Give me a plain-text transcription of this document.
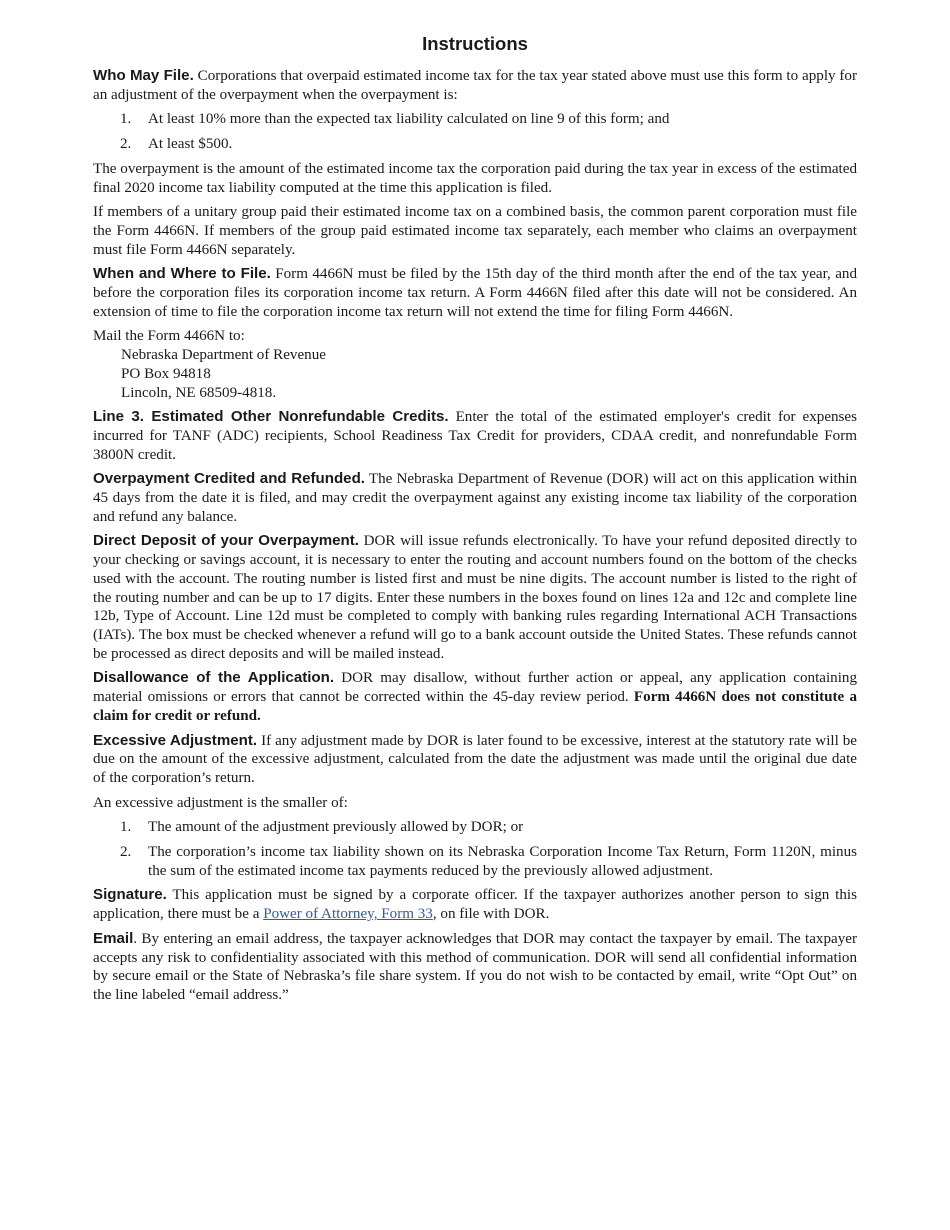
Instructions

Who May File. Corporations that overpaid estimated income tax for the tax year stated above must use this form to apply for an adjustment of the overpayment when the overpayment is:

1.	At least 10% more than the expected tax liability calculated on line 9 of this form; and
2.	At least $500.

The overpayment is the amount of the estimated income tax the corporation paid during the tax year in excess of the estimated final 2020 income tax liability computed at the time this application is filed.

If members of a unitary group paid their estimated income tax on a combined basis, the common parent corporation must file the Form 4466N. If members of the group paid estimated income tax separately, each member who claims an overpayment must file Form 4466N separately.

When and Where to File. Form 4466N must be filed by the 15th day of the third month after the end of the tax year, and before the corporation files its corporation income tax return. A Form 4466N filed after this date will not be considered. An extension of time to file the corporation income tax return will not extend the time for filing Form 4466N.

Mail the Form 4466N to:
Nebraska Department of Revenue
PO Box 94818
Lincoln, NE 68509-4818.

Line 3. Estimated Other Nonrefundable Credits. Enter the total of the estimated employer's credit for expenses incurred for TANF (ADC) recipients, School Readiness Tax Credit for providers, CDAA credit, and nonrefundable Form 3800N credit.

Overpayment Credited and Refunded. The Nebraska Department of Revenue (DOR) will act on this application within 45 days from the date it is filed, and may credit the overpayment against any existing income tax liability of the corporation and refund any balance.

Direct Deposit of your Overpayment. DOR will issue refunds electronically. To have your refund deposited directly to your checking or savings account, it is necessary to enter the routing and account numbers found on the bottom of the checks used with the account. The routing number is listed first and must be nine digits. The account number is listed to the right of the routing number and can be up to 17 digits. Enter these numbers in the boxes found on lines 12a and 12c and complete line 12b, Type of Account. Line 12d must be completed to comply with banking rules regarding International ACH Transactions (IATs). The box must be checked whenever a refund will go to a bank account outside the United States. These refunds cannot be processed as direct deposits and will be mailed instead.

Disallowance of the Application. DOR may disallow, without further action or appeal, any application containing material omissions or errors that cannot be corrected within the 45-day review period. Form 4466N does not constitute a claim for credit or refund.

Excessive Adjustment. If any adjustment made by DOR is later found to be excessive, interest at the statutory rate will be due on the amount of the excessive adjustment, calculated from the date the adjustment was made until the original due date of the corporation’s return.

An excessive adjustment is the smaller of:

1.	The amount of the adjustment previously allowed by DOR; or
2.	The corporation’s income tax liability shown on its Nebraska Corporation Income Tax Return, Form 1120N, minus the sum of the estimated income tax payments reduced by the previously allowed adjustment.

Signature. This application must be signed by a corporate officer. If the taxpayer authorizes another person to sign this application, there must be a Power of Attorney, Form 33, on file with DOR.

Email. By entering an email address, the taxpayer acknowledges that DOR may contact the taxpayer by email. The taxpayer accepts any risk to confidentiality associated with this method of communication. DOR will send all confidential information by secure email or the State of Nebraska’s file share system. If you do not wish to be contacted by email, write “Opt Out” on the line labeled “email address.”
